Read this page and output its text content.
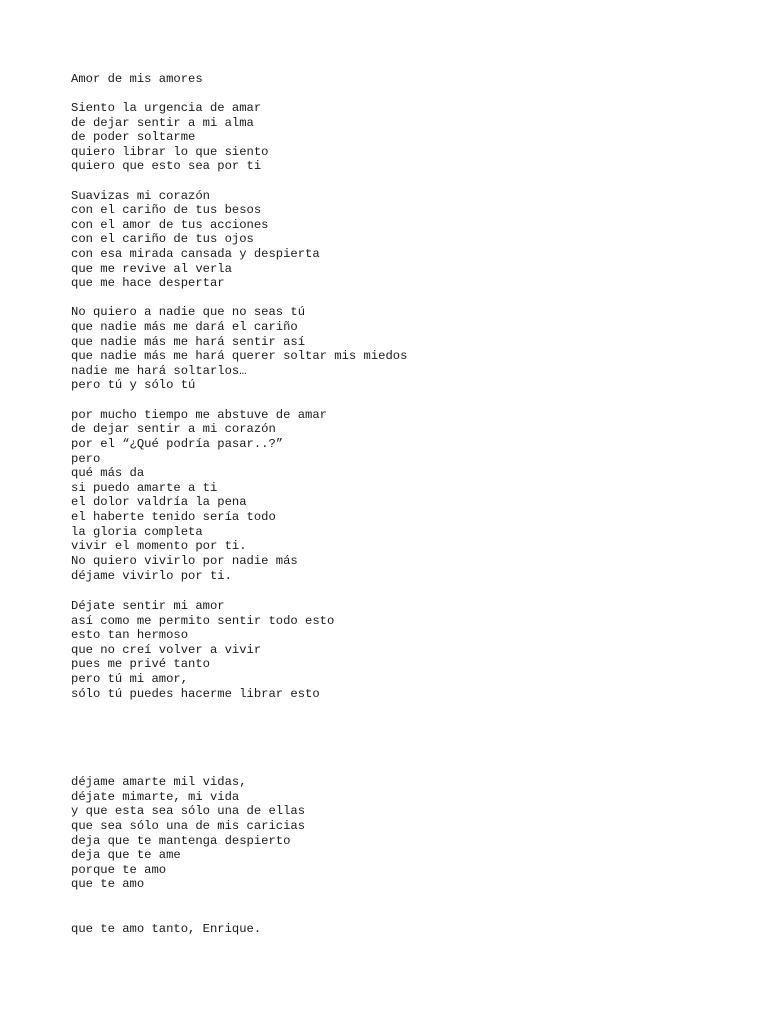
Amor de mis amores
Siento la urgencia de amar
de dejar sentir a mi alma
de poder soltarme
quiero librar lo que siento
quiero que esto sea por ti
Suavizas mi corazón
con el cariño de tus besos
con el amor de tus acciones
con el cariño de tus ojos
con esa mirada cansada y despierta
que me revive al verla
que me hace despertar
No quiero a nadie que no seas tú
que nadie más me dará el cariño
que nadie más me hará sentir así
que nadie más me hará querer soltar mis miedos
nadie me hará soltarlos…
pero tú y sólo tú
por mucho tiempo me abstuve de amar
de dejar sentir a mi corazón
por el “¿Qué podría pasar..?”
pero
qué más da
si puedo amarte a ti
el dolor valdría la pena
el haberte tenido sería todo
la gloria completa
vivir el momento por ti.
No quiero vivirlo por nadie más
déjame vivirlo por ti.
Déjate sentir mi amor
así como me permito sentir todo esto
esto tan hermoso
que no creí volver a vivir
pues me privé tanto
pero tú mi amor,
sólo tú puedes hacerme librar esto
déjame amarte mil vidas,
déjate mimarte, mi vida
y que esta sea sólo una de ellas
que sea sólo una de mis caricias
deja que te mantenga despierto
deja que te ame
porque te amo
que te amo
que te amo tanto, Enrique.
